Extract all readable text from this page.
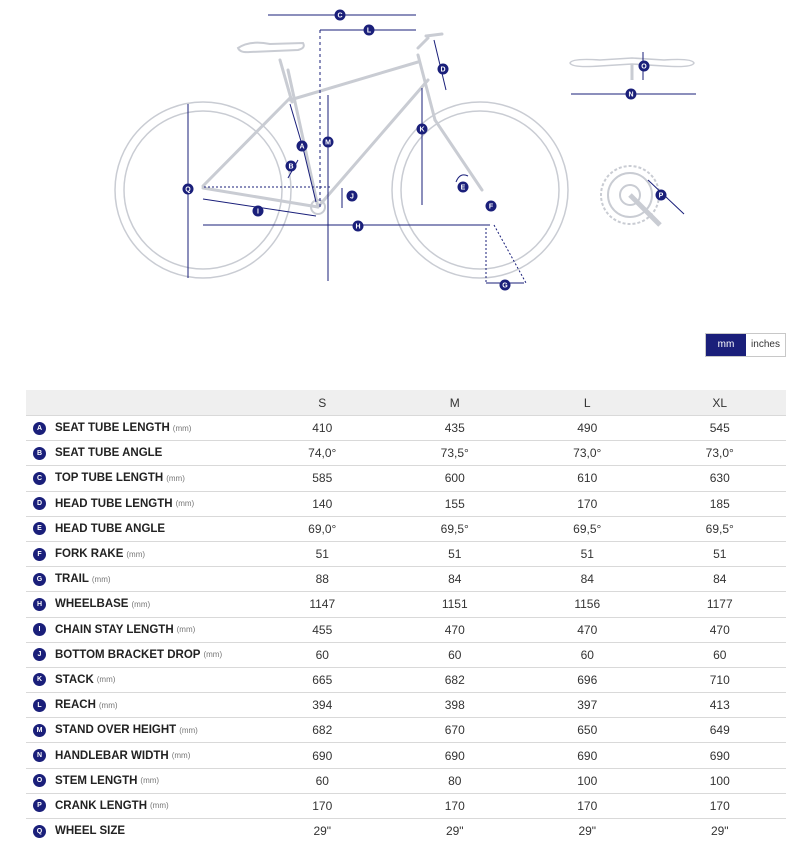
A
B
C
D
E
F
G
H
I
J
K
L
M
N
O
P
Q
mm	inches
	S	M	L	XL

A SEAT TUBE LENGTH (mm)	410	435	490	545

B SEAT TUBE ANGLE	74,0°	73,5°	73,0°	73,0°

C TOP TUBE LENGTH (mm)	585	600	610	630

D HEAD TUBE LENGTH (mm)	140	155	170	185

E HEAD TUBE ANGLE	69,0°	69,5°	69,5°	69,5°

F FORK RAKE (mm)	51	51	51	51

G TRAIL (mm)	88	84	84	84

H WHEELBASE (mm)	1147	1151	1156	1177

I CHAIN STAY LENGTH (mm)	455	470	470	470

J BOTTOM BRACKET DROP (mm)	60	60	60	60

K STACK (mm)	665	682	696	710

L REACH (mm)	394	398	397	413

M STAND OVER HEIGHT (mm)	682	670	650	649

N HANDLEBAR WIDTH (mm)	690	690	690	690

O STEM LENGTH (mm)	60	80	100	100

P CRANK LENGTH (mm)	170	170	170	170

Q WHEEL SIZE	29"	29"	29"	29"
